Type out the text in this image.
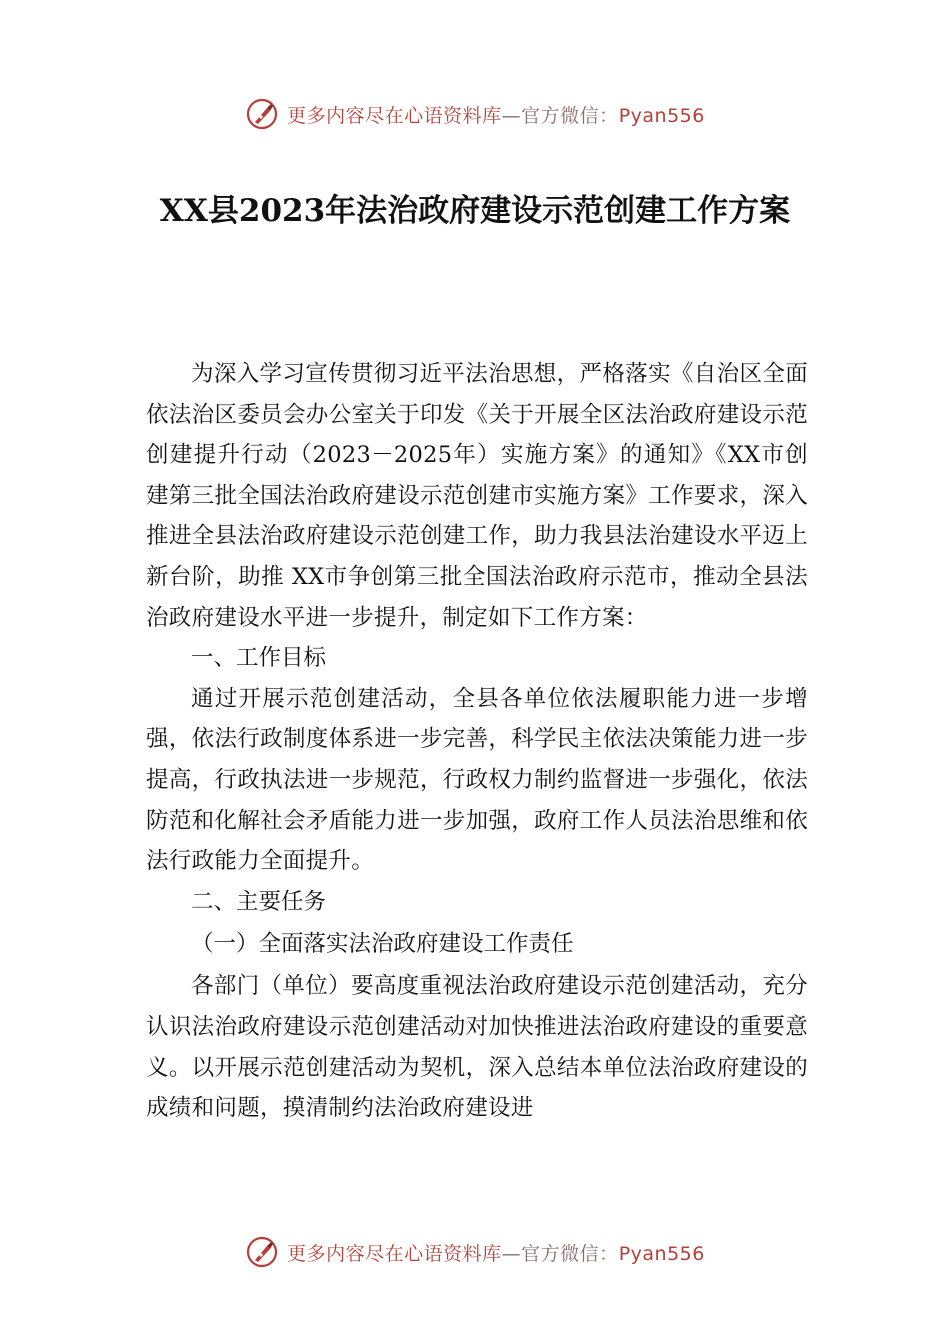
更多内容尽在心语资料库—官方微信：Pyan556
XX县2023年法治政府建设示范创建工作方案

为深入学习宣传贯彻习近平法治思想，严格落实《自治区全面依法治区委员会办公室关于印发《关于开展全区法治政府建设示范创建提升行动（2023－2025年）实施方案》的通知》《XX市创建第三批全国法治政府建设示范创建市实施方案》工作要求，深入推进全县法治政府建设示范创建工作，助力我县法治建设水平迈上新台阶，助推 XX市争创第三批全国法治政府示范市，推动全县法治政府建设水平进一步提升，制定如下工作方案：

一、工作目标

通过开展示范创建活动，全县各单位依法履职能力进一步增强，依法行政制度体系进一步完善，科学民主依法决策能力进一步提高，行政执法进一步规范，行政权力制约监督进一步强化，依法防范和化解社会矛盾能力进一步加强，政府工作人员法治思维和依法行政能力全面提升。

二、主要任务

（一）全面落实法治政府建设工作责任

各部门（单位）要高度重视法治政府建设示范创建活动，充分认识法治政府建设示范创建活动对加快推进法治政府建设的重要意义。以开展示范创建活动为契机，深入总结本单位法治政府建设的成绩和问题，摸清制约法治政府建设进

更多内容尽在心语资料库—官方微信：Pyan556
